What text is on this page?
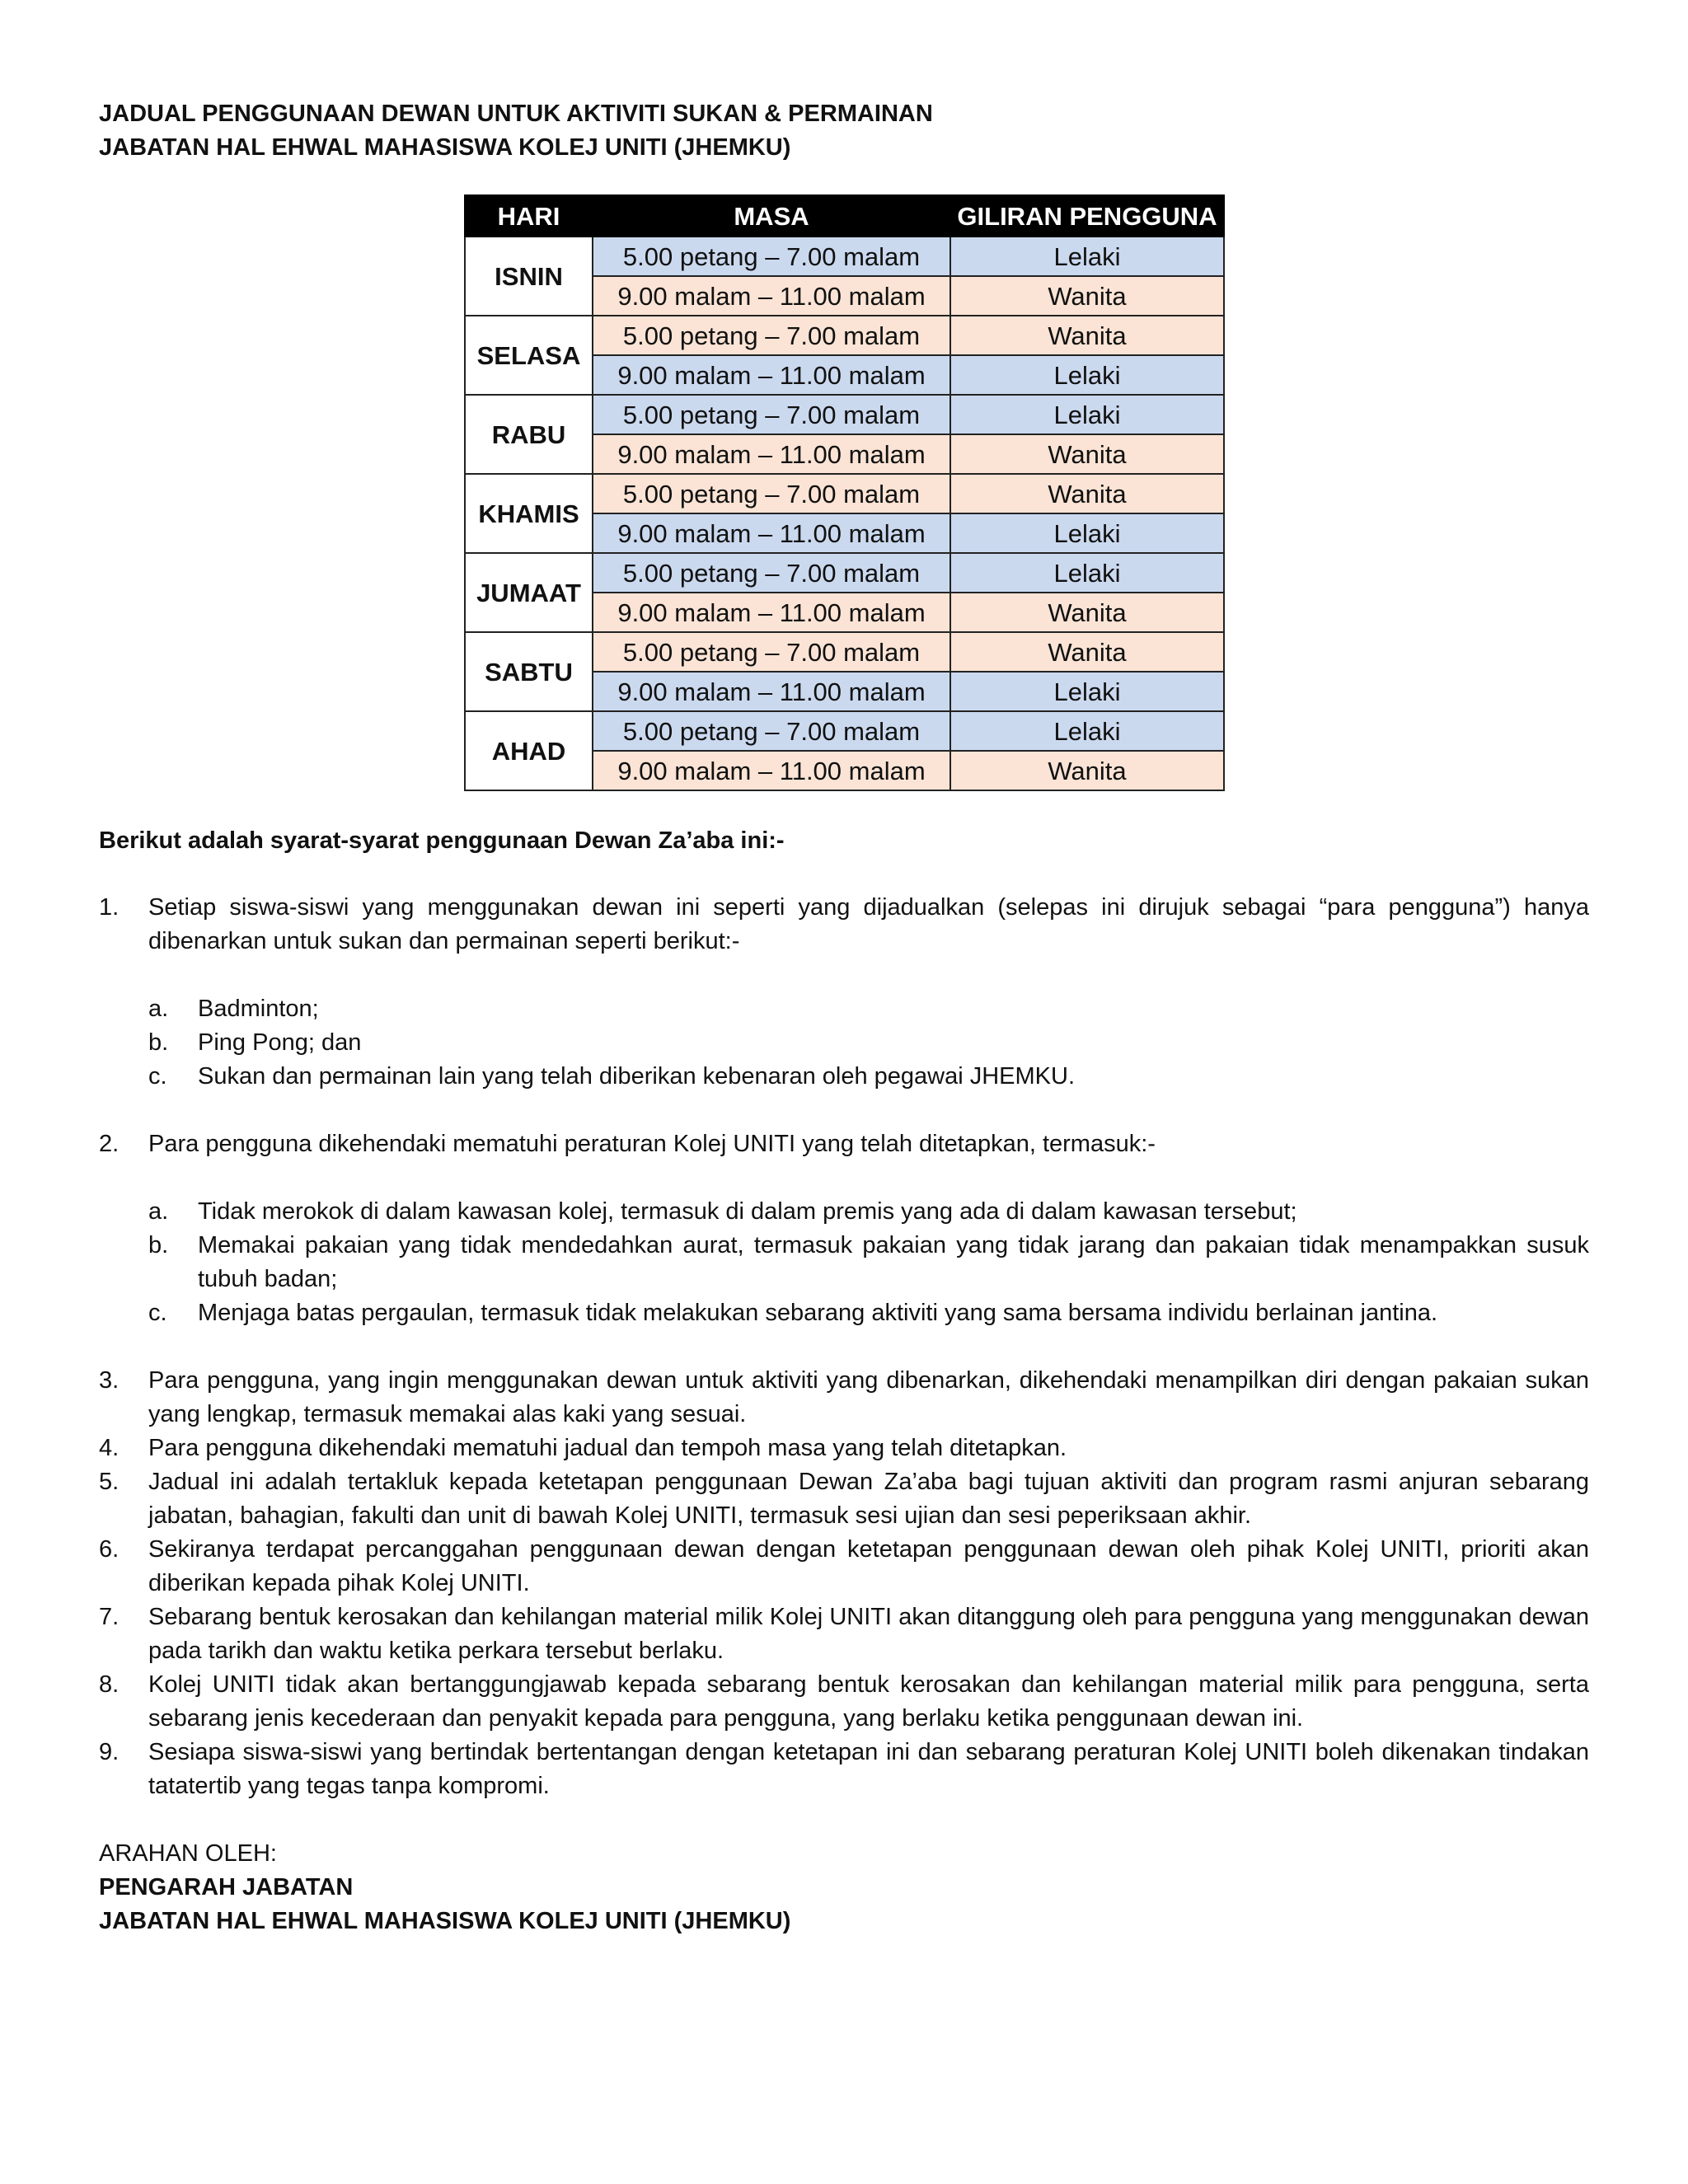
JADUAL PENGGUNAAN DEWAN UNTUK AKTIVITI SUKAN & PERMAINAN
JABATAN HAL EHWAL MAHASISWA KOLEJ UNITI (JHEMKU)
HARI	MASA	GILIRAN PENGGUNA
ISNIN	5.00 petang – 7.00 malam	Lelaki
	9.00 malam – 11.00 malam	Wanita
SELASA	5.00 petang – 7.00 malam	Wanita
	9.00 malam – 11.00 malam	Lelaki
RABU	5.00 petang – 7.00 malam	Lelaki
	9.00 malam – 11.00 malam	Wanita
KHAMIS	5.00 petang – 7.00 malam	Wanita
	9.00 malam – 11.00 malam	Lelaki
JUMAAT	5.00 petang – 7.00 malam	Lelaki
	9.00 malam – 11.00 malam	Wanita
SABTU	5.00 petang – 7.00 malam	Wanita
	9.00 malam – 11.00 malam	Lelaki
AHAD	5.00 petang – 7.00 malam	Lelaki
	9.00 malam – 11.00 malam	Wanita
Berikut adalah syarat-syarat penggunaan Dewan Za’aba ini:-
1.	Setiap siswa-siswi yang menggunakan dewan ini seperti yang dijadualkan (selepas ini dirujuk sebagai “para pengguna”) hanya dibenarkan untuk sukan dan permainan seperti berikut:-
a.	Badminton;
b.	Ping Pong; dan
c.	Sukan dan permainan lain yang telah diberikan kebenaran oleh pegawai JHEMKU.
2.	Para pengguna dikehendaki mematuhi peraturan Kolej UNITI yang telah ditetapkan, termasuk:-
a.	Tidak merokok di dalam kawasan kolej, termasuk di dalam premis yang ada di dalam kawasan tersebut;
b.	Memakai pakaian yang tidak mendedahkan aurat, termasuk pakaian yang tidak jarang dan pakaian tidak menampakkan susuk tubuh badan;
c.	Menjaga batas pergaulan, termasuk tidak melakukan sebarang aktiviti yang sama bersama individu berlainan jantina.
3.	Para pengguna, yang ingin menggunakan dewan untuk aktiviti yang dibenarkan, dikehendaki menampilkan diri dengan pakaian sukan yang lengkap, termasuk memakai alas kaki yang sesuai.
4.	Para pengguna dikehendaki mematuhi jadual dan tempoh masa yang telah ditetapkan.
5.	Jadual ini adalah tertakluk kepada ketetapan penggunaan Dewan Za’aba bagi tujuan aktiviti dan program rasmi anjuran sebarang jabatan, bahagian, fakulti dan unit di bawah Kolej UNITI, termasuk sesi ujian dan sesi peperiksaan akhir.
6.	Sekiranya terdapat percanggahan penggunaan dewan dengan ketetapan penggunaan dewan oleh pihak Kolej UNITI, prioriti akan diberikan kepada pihak Kolej UNITI.
7.	Sebarang bentuk kerosakan dan kehilangan material milik Kolej UNITI akan ditanggung oleh para pengguna yang menggunakan dewan pada tarikh dan waktu ketika perkara tersebut berlaku.
8.	Kolej UNITI tidak akan bertanggungjawab kepada sebarang bentuk kerosakan dan kehilangan material milik para pengguna, serta sebarang jenis kecederaan dan penyakit kepada para pengguna, yang berlaku ketika penggunaan dewan ini.
9.	Sesiapa siswa-siswi yang bertindak bertentangan dengan ketetapan ini dan sebarang peraturan Kolej UNITI boleh dikenakan tindakan tatatertib yang tegas tanpa kompromi.
ARAHAN OLEH:
PENGARAH JABATAN
JABATAN HAL EHWAL MAHASISWA KOLEJ UNITI (JHEMKU)
